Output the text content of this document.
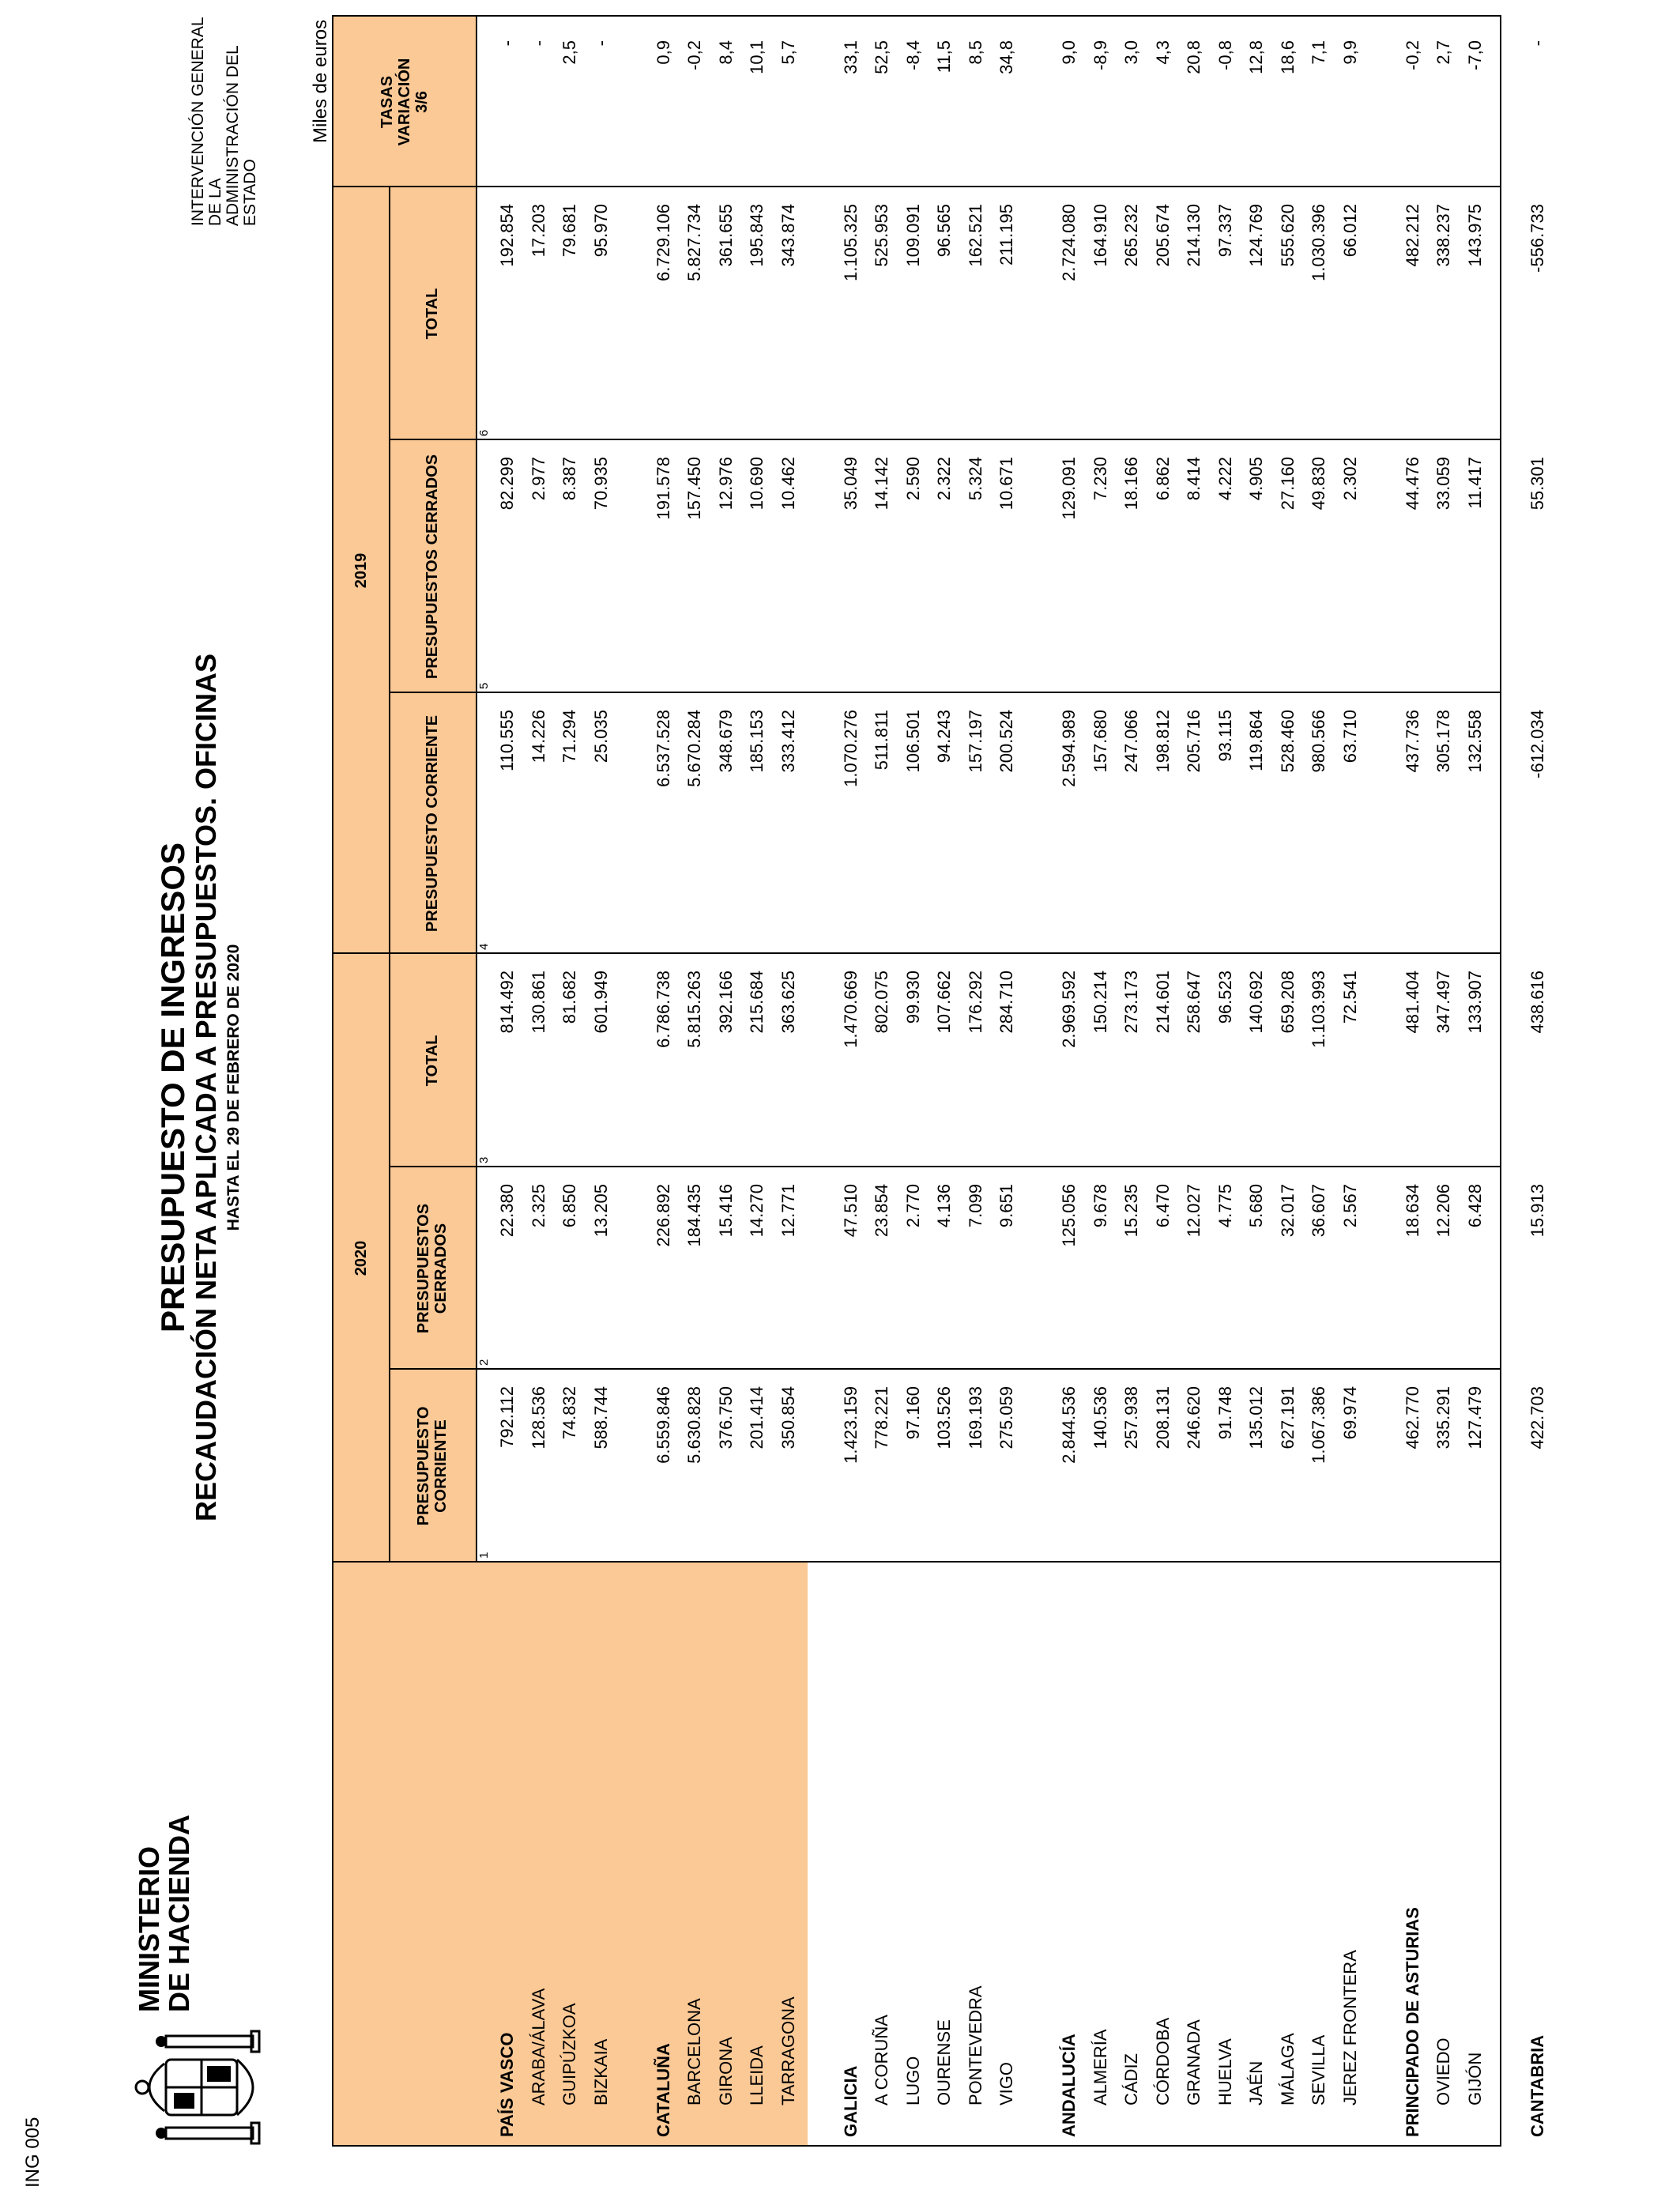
MINISTERIO
DE HACIENDA
PRESUPUESTO DE INGRESOS
RECAUDACIÓN NETA APLICADA A PRESUPUESTOS. OFICINAS HASTA EL 29 DE FEBRERO DE 2020
INTERVENCIÓN GENERAL DE LA ADMINISTRACIÓN DEL ESTADO
Miles de euros
ING 005
2020
2019
PRESUPUESTO CORRIENTE
PRESUPUESTOS CERRADOS
TOTAL
PRESUPUESTO CORRIENTE
PRESUPUESTOS CERRADOS
TOTAL
TASAS VARIACIÓN 3/6
1
2
3
4
5
6
PAÍS VASCO
792.112
22.380
814.492
110.555
82.299
192.854
-
ARABA/ÁLAVA
128.536
2.325
130.861
14.226
2.977
17.203
-
GUIPÚZKOA
74.832
6.850
81.682
71.294
8.387
79.681
2,5
BIZKAIA
588.744
13.205
601.949
25.035
70.935
95.970
-
CATALUÑA
6.559.846
226.892
6.786.738
6.537.528
191.578
6.729.106
0,9
BARCELONA
5.630.828
184.435
5.815.263
5.670.284
157.450
5.827.734
-0,2
GIRONA
376.750
15.416
392.166
348.679
12.976
361.655
8,4
LLEIDA
201.414
14.270
215.684
185.153
10.690
195.843
10,1
TARRAGONA
350.854
12.771
363.625
333.412
10.462
343.874
5,7
GALICIA
1.423.159
47.510
1.470.669
1.070.276
35.049
1.105.325
33,1
A CORUÑA
778.221
23.854
802.075
511.811
14.142
525.953
52,5
LUGO
97.160
2.770
99.930
106.501
2.590
109.091
-8,4
OURENSE
103.526
4.136
107.662
94.243
2.322
96.565
11,5
PONTEVEDRA
169.193
7.099
176.292
157.197
5.324
162.521
8,5
VIGO
275.059
9.651
284.710
200.524
10.671
211.195
34,8
ANDALUCÍA
2.844.536
125.056
2.969.592
2.594.989
129.091
2.724.080
9,0
ALMERÍA
140.536
9.678
150.214
157.680
7.230
164.910
-8,9
CÁDIZ
257.938
15.235
273.173
247.066
18.166
265.232
3,0
CÓRDOBA
208.131
6.470
214.601
198.812
6.862
205.674
4,3
GRANADA
246.620
12.027
258.647
205.716
8.414
214.130
20,8
HUELVA
91.748
4.775
96.523
93.115
4.222
97.337
-0,8
JAÉN
135.012
5.680
140.692
119.864
4.905
124.769
12,8
MÁLAGA
627.191
32.017
659.208
528.460
27.160
555.620
18,6
SEVILLA
1.067.386
36.607
1.103.993
980.566
49.830
1.030.396
7,1
JEREZ FRONTERA
69.974
2.567
72.541
63.710
2.302
66.012
9,9
PRINCIPADO DE ASTURIAS
462.770
18.634
481.404
437.736
44.476
482.212
-0,2
OVIEDO
335.291
12.206
347.497
305.178
33.059
338.237
2,7
GIJÓN
127.479
6.428
133.907
132.558
11.417
143.975
-7,0
CANTABRIA
422.703
15.913
438.616
-612.034
55.301
-556.733
-
